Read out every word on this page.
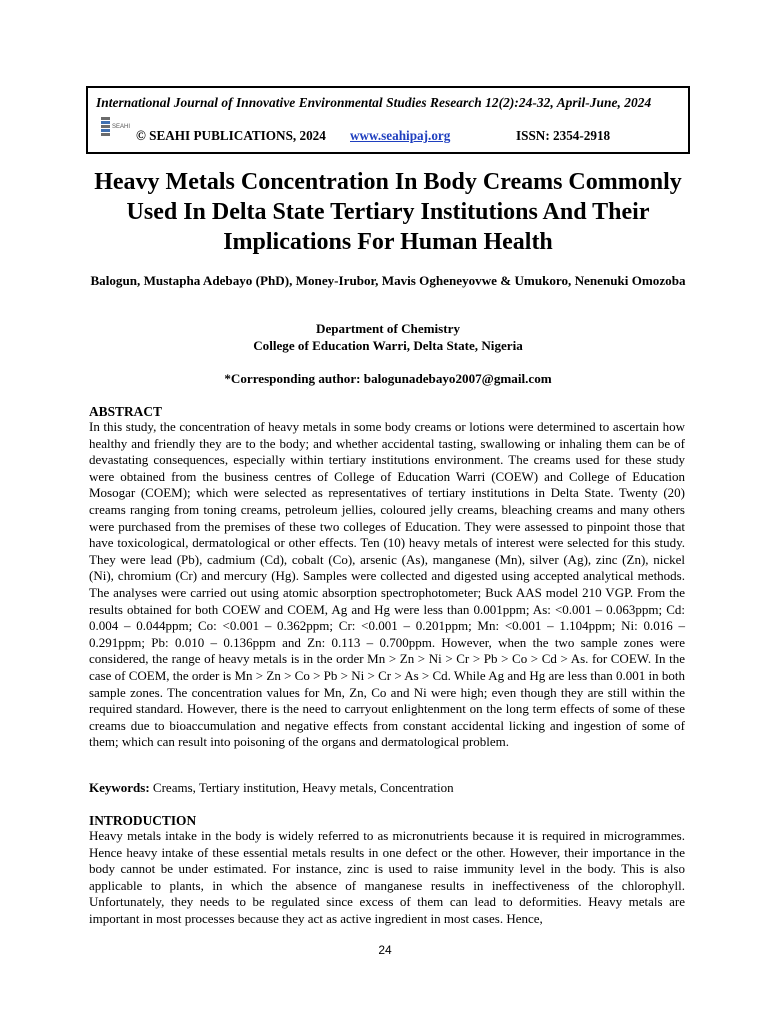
International Journal of Innovative Environmental Studies Research 12(2):24-32, April-June, 2024
SEAHI
© SEAHI PUBLICATIONS, 2024 www.seahipaj.org	ISSN: 2354-2918
Heavy Metals Concentration In Body Creams Commonly Used In Delta State Tertiary Institutions And Their Implications For Human Health
Balogun, Mustapha Adebayo (PhD), Money-Irubor, Mavis Ogheneyovwe & Umukoro, Nenenuki Omozoba
Department of Chemistry
College of Education Warri, Delta State, Nigeria
*Corresponding author: balogunadebayo2007@gmail.com
ABSTRACT

In this study, the concentration of heavy metals in some body creams or lotions were determined to ascertain how healthy and friendly they are to the body; and whether accidental tasting, swallowing or inhaling them can be of devastating consequences, especially within tertiary institutions environment. The creams used for these study were obtained from the business centres of College of Education Warri (COEW) and College of Education Mosogar (COEM); which were selected as representatives of tertiary institutions in Delta State. Twenty (20) creams ranging from toning creams, petroleum jellies, coloured jelly creams, bleaching creams and many others were purchased from the premises of these two colleges of Education. They were assessed to pinpoint those that have toxicological, dermatological or other effects. Ten (10) heavy metals of interest were selected for this study. They were lead (Pb), cadmium (Cd), cobalt (Co), arsenic (As), manganese (Mn), silver (Ag), zinc (Zn), nickel (Ni), chromium (Cr) and mercury (Hg). Samples were collected and digested using accepted analytical methods. The analyses were carried out using atomic absorption spectrophotometer; Buck AAS model 210 VGP. From the results obtained for both COEW and COEM, Ag and Hg were less than 0.001ppm; As: <0.001 – 0.063ppm; Cd: 0.004 – 0.044ppm; Co: <0.001 – 0.362ppm; Cr: <0.001 – 0.201ppm; Mn: <0.001 – 1.104ppm; Ni: 0.016 – 0.291ppm; Pb: 0.010 – 0.136ppm and Zn: 0.113 – 0.700ppm. However, when the two sample zones were considered, the range of heavy metals is in the order Mn > Zn > Ni > Cr > Pb > Co > Cd > As. for COEW. In the case of COEM, the order is Mn > Zn > Co > Pb > Ni > Cr > As > Cd. While Ag and Hg are less than 0.001 in both sample zones. The concentration values for Mn, Zn, Co and Ni were high; even though they are still within the required standard. However, there is the need to carryout enlightenment on the long term effects of some of these creams due to bioaccumulation and negative effects from constant accidental licking and ingestion of some of them; which can result into poisoning of the organs and dermatological problem.

Keywords: Creams, Tertiary institution, Heavy metals, Concentration
INTRODUCTION

Heavy metals intake in the body is widely referred to as micronutrients because it is required in microgrammes. Hence heavy intake of these essential metals results in one defect or the other. However, their importance in the body cannot be under estimated. For instance, zinc is used to raise immunity level in the body. This is also applicable to plants, in which the absence of manganese results in ineffectiveness of the chlorophyll. Unfortunately, they needs to be regulated since excess of them can lead to deformities. Heavy metals are important in most processes because they act as active ingredient in most cases. Hence,

24
